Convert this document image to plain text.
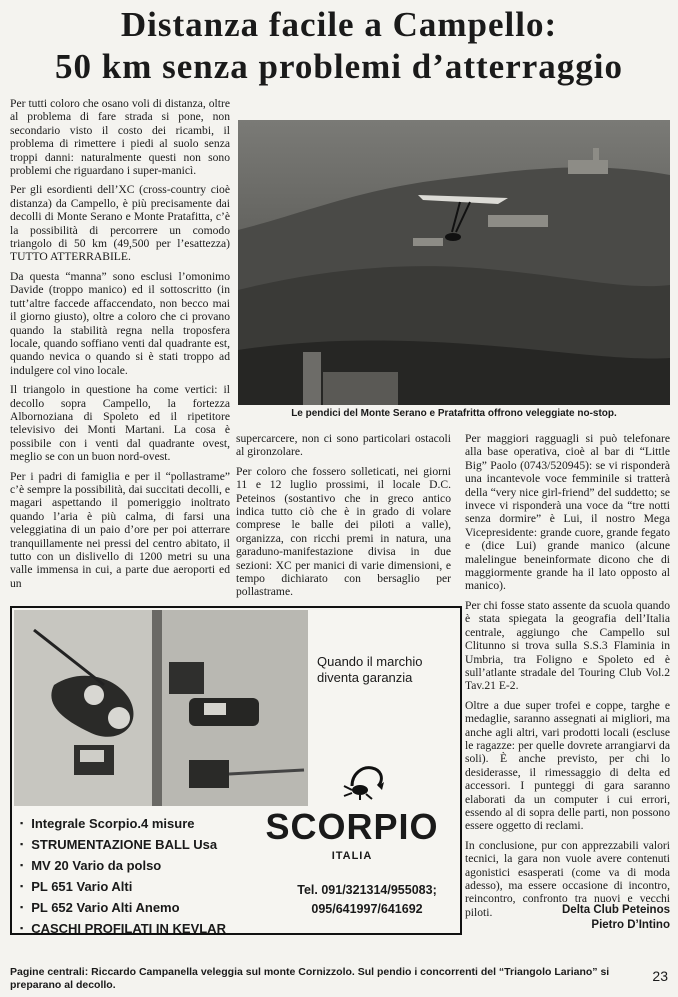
Distanza facile a Campello:
50 km senza problemi d’atterraggio

Per tutti coloro che osano voli di distanza, oltre al problema di fare strada si pone, non secondario visto il costo dei ricambi, il problema di rimettere i piedi al suolo senza troppi danni: naturalmente questi non sono problemi che riguardano i super-manicì.

Per gli esordienti dell’XC (cross-country cioè distanza) da Campello, è più precisamente dai decolli di Monte Serano e Monte Pratafitta, c’è la possibilità di percorrere un comodo triangolo di 50 km (49,500 per l’esattezza) TUTTO ATTERRABILE.

Da questa “manna” sono esclusi l’omonimo Davide (troppo manico) ed il sottoscritto (in tutt’altre faccede affaccendato, non becco mai il giorno giusto), oltre a coloro che ci provano quando la stabilità regna nella troposfera locale, quando soffiano venti dal quadrante est, quando nevica o quando si è stati troppo ad indulgere col vino locale.

Il triangolo in questione ha come vertici: il decollo sopra Campello, la fortezza Albornoziana di Spoleto ed il ripetitore televisivo dei Monti Martani. La cosa è possibile con i venti dal quadrante ovest, meglio se con un buon nord-ovest.

Per i padri di famiglia e per il “pollastrame” c’è sempre la possibilità, dai succitati decolli, e magari aspettando il pomeriggio inoltrato quando l’aria è più calma, di farsi una veleggiatina di un paio d’ore per poi atterrare tranquillamente nei pressi del centro abitato, il tutto con un dislivello di 1200 metri su una valle immensa in cui, a parte due aeroporti ed un

Le pendici del Monte Serano e Pratafritta offrono veleggiate no-stop.

supercarcere, non ci sono particolari ostacoli al gironzolare.

Per coloro che fossero solleticati, nei giorni 11 e 12 luglio prossimi, il locale D.C. Peteinos (sostantivo che in greco antico indica tutto ciò che è in grado di volare comprese le balle dei piloti a valle), organizza, con ricchi premi in natura, una garaduno-manifestazione divisa in due sezioni: XC per manici di varie dimensioni, e tempo dichiarato con bersaglio per pollastrame.

Per maggiori ragguagli si può telefonare alla base operativa, cioè al bar di “Little Big” Paolo (0743/520945): se vi risponderà una incantevole voce femminile si tratterà della “very nice girl-friend” del suddetto; se invece vi risponderà una voce da “tre notti senza dormire” è Lui, il nostro Mega Vicepresidente: grande cuore, grande fegato e (dice Lui) grande manico (alcune malelingue beneinformate dicono che di maggiormente grande ha il lato opposto al manico).

Per chi fosse stato assente da scuola quando è stata spiegata la geografia dell’Italia centrale, aggiungo che Campello sul Clitunno si trova sulla S.S.3 Flaminia in Umbria, tra Foligno e Spoleto ed è sull’atlante stradale del Touring Club Vol.2 Tav.21 E-2.

Oltre a due super trofei e coppe, targhe e medaglie, saranno assegnati ai migliori, ma anche agli altri, vari prodotti locali (escluse le ragazze: per quelle dovrete arrangiarvi da soli). È anche previsto, per chi lo desiderasse, il rimessaggio di delta ed accessori. I punteggi di gara saranno elaborati da un computer i cui errori, essendo al di sopra delle parti, non possono essere oggetto di reclami.

In conclusione, pur con apprezzabili valori tecnici, la gara non vuole avere contenuti agonistici esasperati (come va di moda adesso), ma essere occasione di incontro, reincontro, confronto tra nuovi e vecchi piloti.

Quando il marchio
diventa garanzia
▪ Integrale Scorpio.4 misure
▪ STRUMENTAZIONE BALL Usa
▪ MV 20 Vario da polso
▪ PL 651 Vario Alti
▪ PL 652 Vario Alti Anemo
▪ CASCHI PROFILATI IN KEVLAR
SCORPIO
ITALIA
Tel. 091/321314/955083;
095/641997/641692	Delta Club Peteinos
Pietro D’Intino
Pagine centrali: Riccardo Campanella veleggia sul monte Cornizzolo. Sul pendio i concorrenti del “Triangolo Lariano” si preparano al decollo.
23
